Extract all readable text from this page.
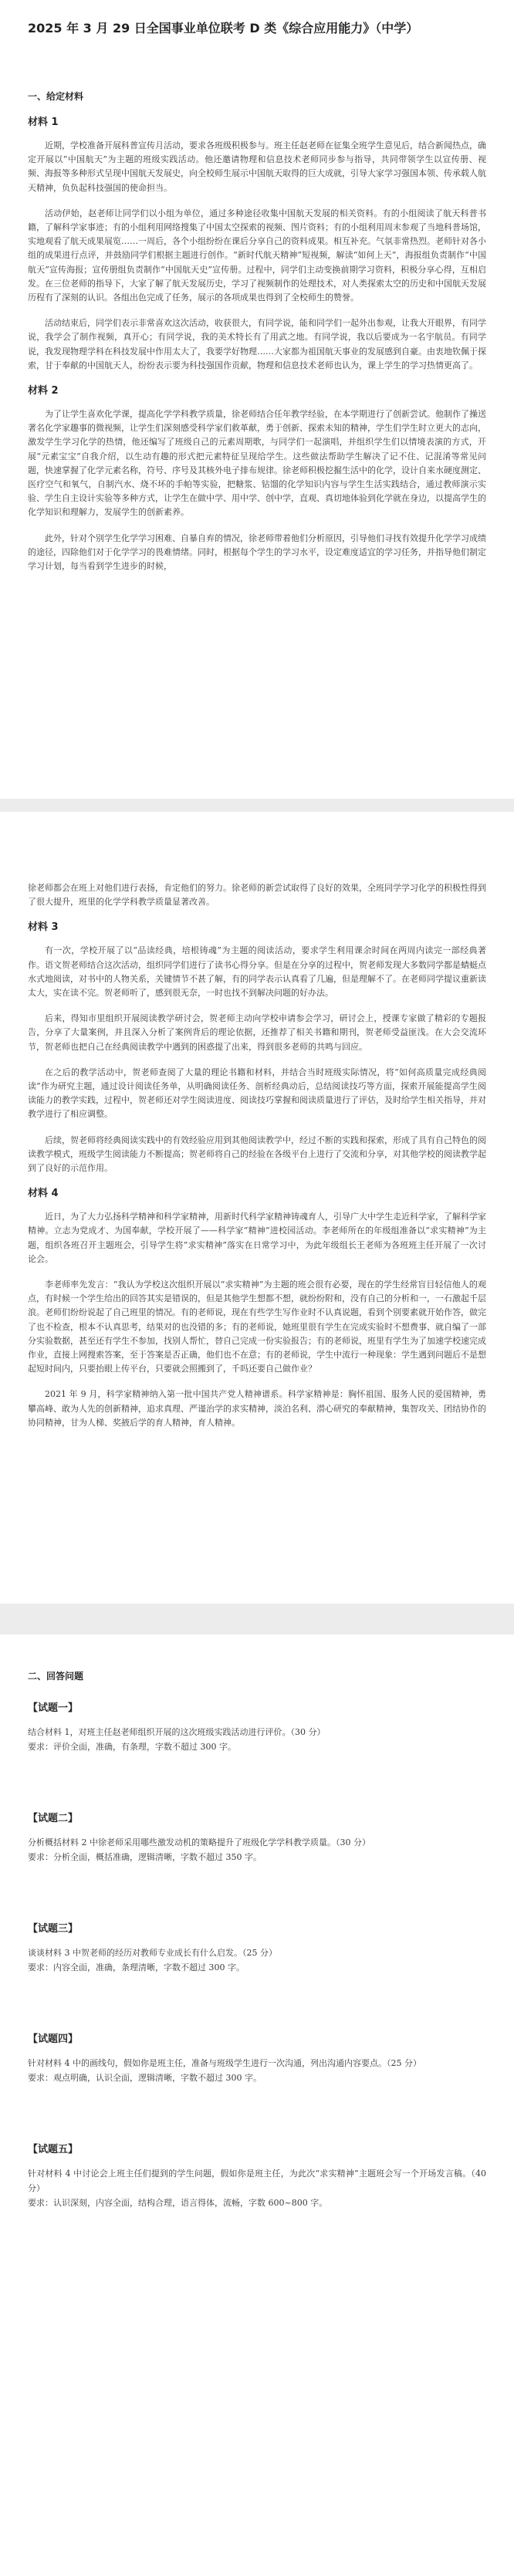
2025 年 3 月 29 日全国事业单位联考 D 类《综合应用能力》（中学）
一、给定材料
材料 1

近期，学校准备开展科普宣传月活动，要求各班级积极参与。班主任赵老师在征集全班学生意见后，结合新闻热点，确定开展以“中国航天”为主题的班级实践活动。他还邀请物理和信息技术老师同步参与指导，共同带领学生以宣传册、视频、海报等多种形式呈现中国航天发展史，向全校师生展示中国航天取得的巨大成就，引导大家学习强国本领、传承载人航天精神，负负起科技强国的使命担当。

活动伊始，赵老师让同学们以小组为单位，通过多种途径收集中国航天发展的相关资料。有的小组阅读了航天科普书籍，了解科学家事迹；有的小组利用网络搜集了中国太空探索的视频、图片资料；有的小组利用周末参观了当地科普场馆，实地观看了航天成果展览……一周后，各个小组纷纷在课后分享自己的资料成果。相互补充。气氛非常热烈。老师针对各小组的成果进行点评，并鼓励同学们根据主题进行创作。“新时代航天精神”短视频，解读“如何上天”，海报组负责制作“中国航天”宣传海报；宣传册组负责制作“中国航天史”宣传册。过程中，同学们主动变换前期学习资料，积极分享心得，互相启发。在三位老师的指导下，大家了解了航天发展历史，学习了视频制作的处理技术，对人类探索太空的历史和中国航天发展历程有了深刻的认识。各组出色完成了任务，展示的各项成果也得到了全校师生的赞誉。

活动结束后，同学们表示非常喜欢这次活动，收获很大，有同学说，能和同学们一起外出参观，让我大开眼界，有同学说，我学会了制作视频，真开心；有同学说，我的美术特长有了用武之地。有同学说，我以后要成为一名宇航员。有同学说，我发现物理学科在科技发展中作用太大了，我要学好物理……大家都为祖国航天事业的发展感到自豪。由衷地钦佩于探索，甘于奉献的中国航天人，纷纷表示要为科技强国作贡献，物理和信息技术老师也认为，课上学生的学习热情更高了。

材料 2

为了让学生喜欢化学课，提高化学学科教学质量，徐老师结合任年教学经验，在本学期进行了创新尝试。他制作了操送著名化学家趣事的微视频，让学生们深刻感受科学家们救革献，勇于创新、探索未知的精神，学生们学生时立更大的志向，激发学生学习化学的热情，他还编写了班级自己的元素周期歌，与同学们一起演唱，并组织学生们以情境表演的方式，开展“元素宝宝”自我介绍，以生动有趣的形式把元素特征呈现给学生。这些做法帮助学生解决了记不住、记混淆等常见问题，快速掌握了化学元素名称，符号、序号及其核外电子排布规律。徐老师积极挖掘生活中的化学，设计自来水硬度测定、医疗空气和氧气，自制汽水、烧不坏的手帕等实验，把糖浆、钻馏的化学知识内容与学生生活实践结合，通过教师演示实验、学生自主设计实验等多种方式，让学生在做中学、用中学、创中学，直观、真切地体验到化学就在身边，以提高学生的化学知识和理解力，发展学生的创新素养。

此外，针对个别学生化学学习困难、自暴自弃的情况，徐老师带着他们分析原因，引导他们寻找有效提升化学学习成绩的途径，四除他们对于化学学习的畏难情绪。同时，根据每个学生的学习水平，设定难度适宜的学习任务，并指导他们制定学习计划，每当看到学生进步的时候，

徐老师都会在班上对他们进行表扬，肯定他们的努力。徐老师的新尝试取得了良好的效果，全班同学学习化学的积极性得到了很大提升，班里的化学学科教学质量显著改善。

材料 3

有一次，学校开展了以“品读经典，培根铸魂”为主题的阅读活动，要求学生利用课余时间在两周内读完一部经典著作。语文贺老师结合这次活动，组织同学们进行了读书心得分享。但是在分享的过程中，贺老师发现大多数同学都是蜻蜓点水式地阅读，对书中的人物关系，关键情节不甚了解，有的同学表示认真看了几遍，但是理解不了。在老师同学提议重新读太大，实在读不完。贺老师听了，感到很无奈，一时也找不到解决问题的好办法。

后来，得知市里组织开展阅读教学研讨会，贺老师主动向学校申请参会学习，研讨会上，授课专家做了精彩的专题报告，分享了大量案例，并且深入分析了案例背后的理论依据，还推荐了相关书籍和期刊，贺老师受益匪浅。在大会交流环节，贺老师也把自己在经典阅读教学中遇到的困惑提了出来，得到很多老师的共鸣与回应。

在之后的教学活动中，贺老师查阅了大量的理论书籍和材料，并结合当时班级实际情况，将“如何高质量完成经典阅读”作为研究主题，通过设计阅读任务单，从明确阅读任务、剖析经典动后，总结阅读技巧等方面，探索开展能提高学生阅读能力的教学实践，过程中，贺老师还对学生阅读进度、阅读技巧掌握和阅读质量进行了评估，及时给学生相关指导，并对教学进行了相应调整。

后续，贺老师将经典阅读实践中的有效经验应用到其他阅读教学中，经过不断的实践和探索，形成了具有自己特色的阅读教学模式，班级学生阅读能力不断提高；贺老师将自己的经验在各级平台上进行了交流和分享，对其他学校的阅读教学起到了良好的示范作用。

材料 4

近日，为了大力弘扬科学精神和科学家精神，用新时代科学家精神铸魂育人，引导广大中学生走近科学家，了解科学家精神。立志为党成才、为国奉献，学校开展了——科学家“精神”进校园活动。李老师所在的年级组准备以“求实精神”为主题，组织各班召开主题班会，引导学生将“求实精神”落实在日常学习中，为此年级组长王老师为各班班主任开展了一次讨论会。

李老师率先发言：“我认为学校这次组织开展以“求实精神”为主题的班会很有必要，现在的学生经常盲目轻信他人的观点，有时候一个学生给出的回答其实是错误的，但是其他学生想都不想，就纷纷附和，没有自己的分析和一，一石激起千层浪。老师们纷纷说起了自己班里的情况。有的老师说，现在有些学生写作业时不认真说题，看到个别要素就开始作答，做完了也不检查，根本不认真思考，结果对的也没错的多；有的老师说，她班里很有学生在完成实验时不想费事、就自编了一部分实验数据，甚至还有学生不参加，找别人帮忙，替自己完成一份实验报告；有的老师说，班里有学生为了加速学校速完成作业，直接上网搜索答案，至于答案是否正确，他们也不在意；有的老师说，学生中流行一种现象：学生遇到问题后不是想起短时间内，只要抬眼上传平台，只要就会照搬到了，千吗还要自己做作业？

2021 年 9 月，科学家精神纳入第一批中国共产党人精神谱系。科学家精神是：胸怀祖国、服务人民的爱国精神，勇攀高峰、敢为人先的创新精神，追求真理、严谨治学的求实精神，淡泊名利、潜心研究的奉献精神，集智攻关、团结协作的协同精神，甘为人梯、奖掖后学的育人精神，育人精神。

二、回答问题
【试题一】

结合材料 1，对班主任赵老师组织开展的这次班级实践活动进行评价。（30 分）

要求：评价全面，准确，有条理，字数不超过 300 字。

【试题二】

分析概括材料 2 中徐老师采用哪些激发动机的策略提升了班级化学学科教学质量。（30 分）

要求：分析全面，概括准确，逻辑清晰，字数不超过 350 字。

【试题三】

谈谈材料 3 中贺老师的经历对教师专业成长有什么启发。（25 分）

要求：内容全面，准确，条理清晰，字数不超过 300 字。

【试题四】

针对材料 4 中的画线句，假如你是班主任，准备与班级学生进行一次沟通，列出沟通内容要点。（25 分）

要求：观点明确，认识全面，逻辑清晰，字数不超过 300 字。

【试题五】

针对材料 4 中讨论会上班主任们提到的学生问题，假如你是班主任，为此次“求实精神”主题班会写一个开场发言稿。（40 分）

要求：认识深刻，内容全面，结构合理，语言得体，流畅，字数 600~800 字。
